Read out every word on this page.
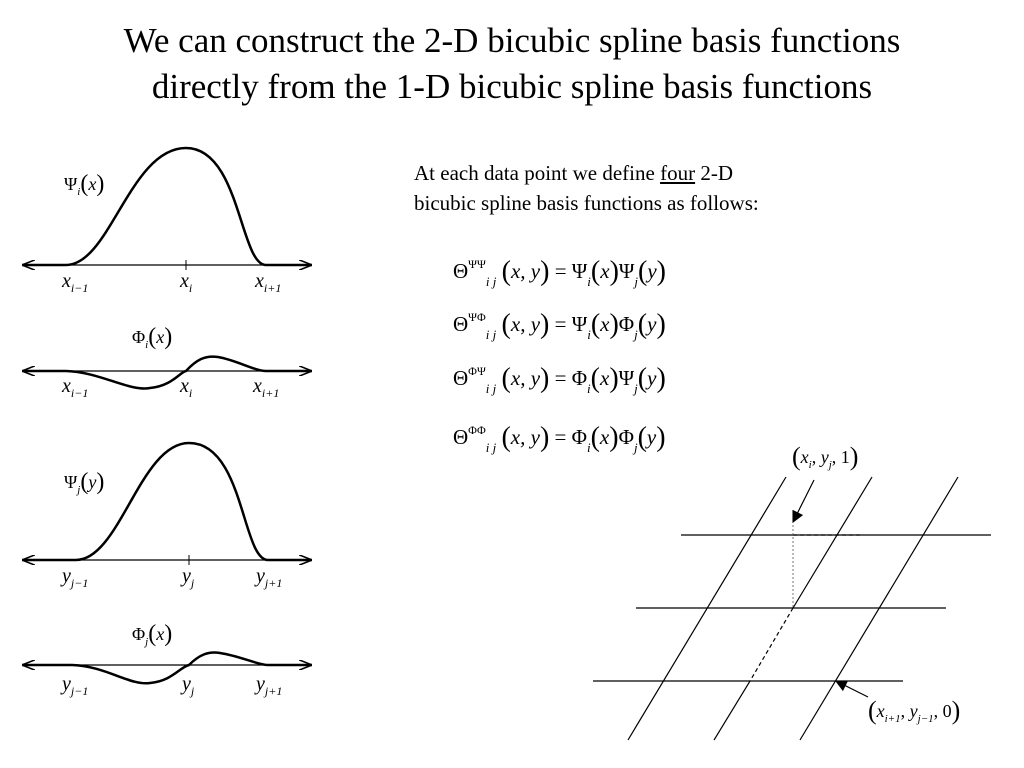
We can construct the 2-D bicubic spline basis functions
directly from the 1-D bicubic spline basis functions
At each data point we define four 2-D
bicubic spline basis functions as follows:
$\Theta^{\Psi\Psi}_{i j}$ (x, $y) = \Psi_i(x)\Psi_j(y)$
$\Theta^{\Psi\Phi}_{i j}$ (x, $y) = \Psi_i(x)\Phi_j(y)$
$\Theta^{\Phi\Psi}_{i j}$ (x, $y) = \Phi_i(x)\Psi_j(y)$
$\Theta^{\Phi\Phi}_{i j}$ (x, $y) = \Phi_i(x)\Phi_j(y)$
$\Psi_i(x)$
$\Phi_i(x)$
$\Psi_j(y)$
$\Phi_j(x)$
$x_{i-1}$	$x_i$	$x_{i+1}$
$x_{i-1}$	$x_i$	$x_{i+1}$
$y_{j-1}$	$y_j$	$y_{j+1}$
$y_{j-1}$	$y_j$	$y_{j+1}$
($x_i$, $y_j$, 1)
($x_{i+1}$, $y_{j-1}$, 0)
